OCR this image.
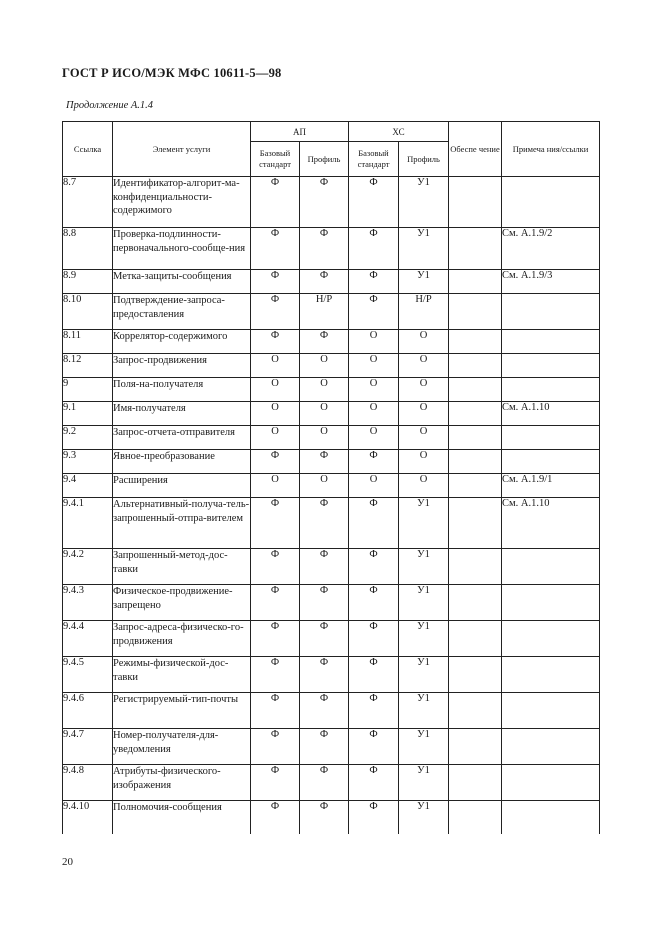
ГОСТ Р ИСО/МЭК МФС 10611-5—98
Продолжение А.1.4
Ссылка	Элемент услуги	АП		ХС		Обеспе чение	Примеча ния/ссылки
		Базовый стандарт	Профиль	Базовый стандарт	Профиль		
8.7	Идентификатор-алгорит-ма-конфиденциальности-содержимого	Ф	Ф	Ф	У1		
8.8	Проверка-подлинности-первоначального-сообще-ния	Ф	Ф	Ф	У1		См. А.1.9/2
8.9	Метка-защиты-сообщения	Ф	Ф	Ф	У1		См. А.1.9/3
8.10	Подтверждение-запроса-предоставления	Ф	Н/Р	Ф	Н/Р		
8.11	Коррелятор-содержимого	Ф	Ф	О	О		
8.12	Запрос-продвижения	О	О	О	О		
9	Поля-на-получателя	О	О	О	О		
9.1	Имя-получателя	О	О	О	О		См. А.1.10
9.2	Запрос-отчета-отправителя	О	О	О	О		
9.3	Явное-преобразование	Ф	Ф	Ф	О		
9.4	Расширения	О	О	О	О		См. А.1.9/1
9.4.1	Альтернативный-получа-тель-запрошенный-отпра-вителем	Ф	Ф	Ф	У1		См. А.1.10
9.4.2	Запрошенный-метод-дос-тавки	Ф	Ф	Ф	У1		
9.4.3	Физическое-продвижение-запрещено	Ф	Ф	Ф	У1		
9.4.4	Запрос-адреса-физическо-го-продвижения	Ф	Ф	Ф	У1		
9.4.5	Режимы-физической-дос-тавки	Ф	Ф	Ф	У1		
9.4.6	Регистрируемый-тип-почты	Ф	Ф	Ф	У1		
9.4.7	Номер-получателя-для-уведомления	Ф	Ф	Ф	У1		
9.4.8	Атрибуты-физического-изображения	Ф	Ф	Ф	У1		
9.4.10	Полномочия-сообщения	Ф	Ф	Ф	У1		
20
